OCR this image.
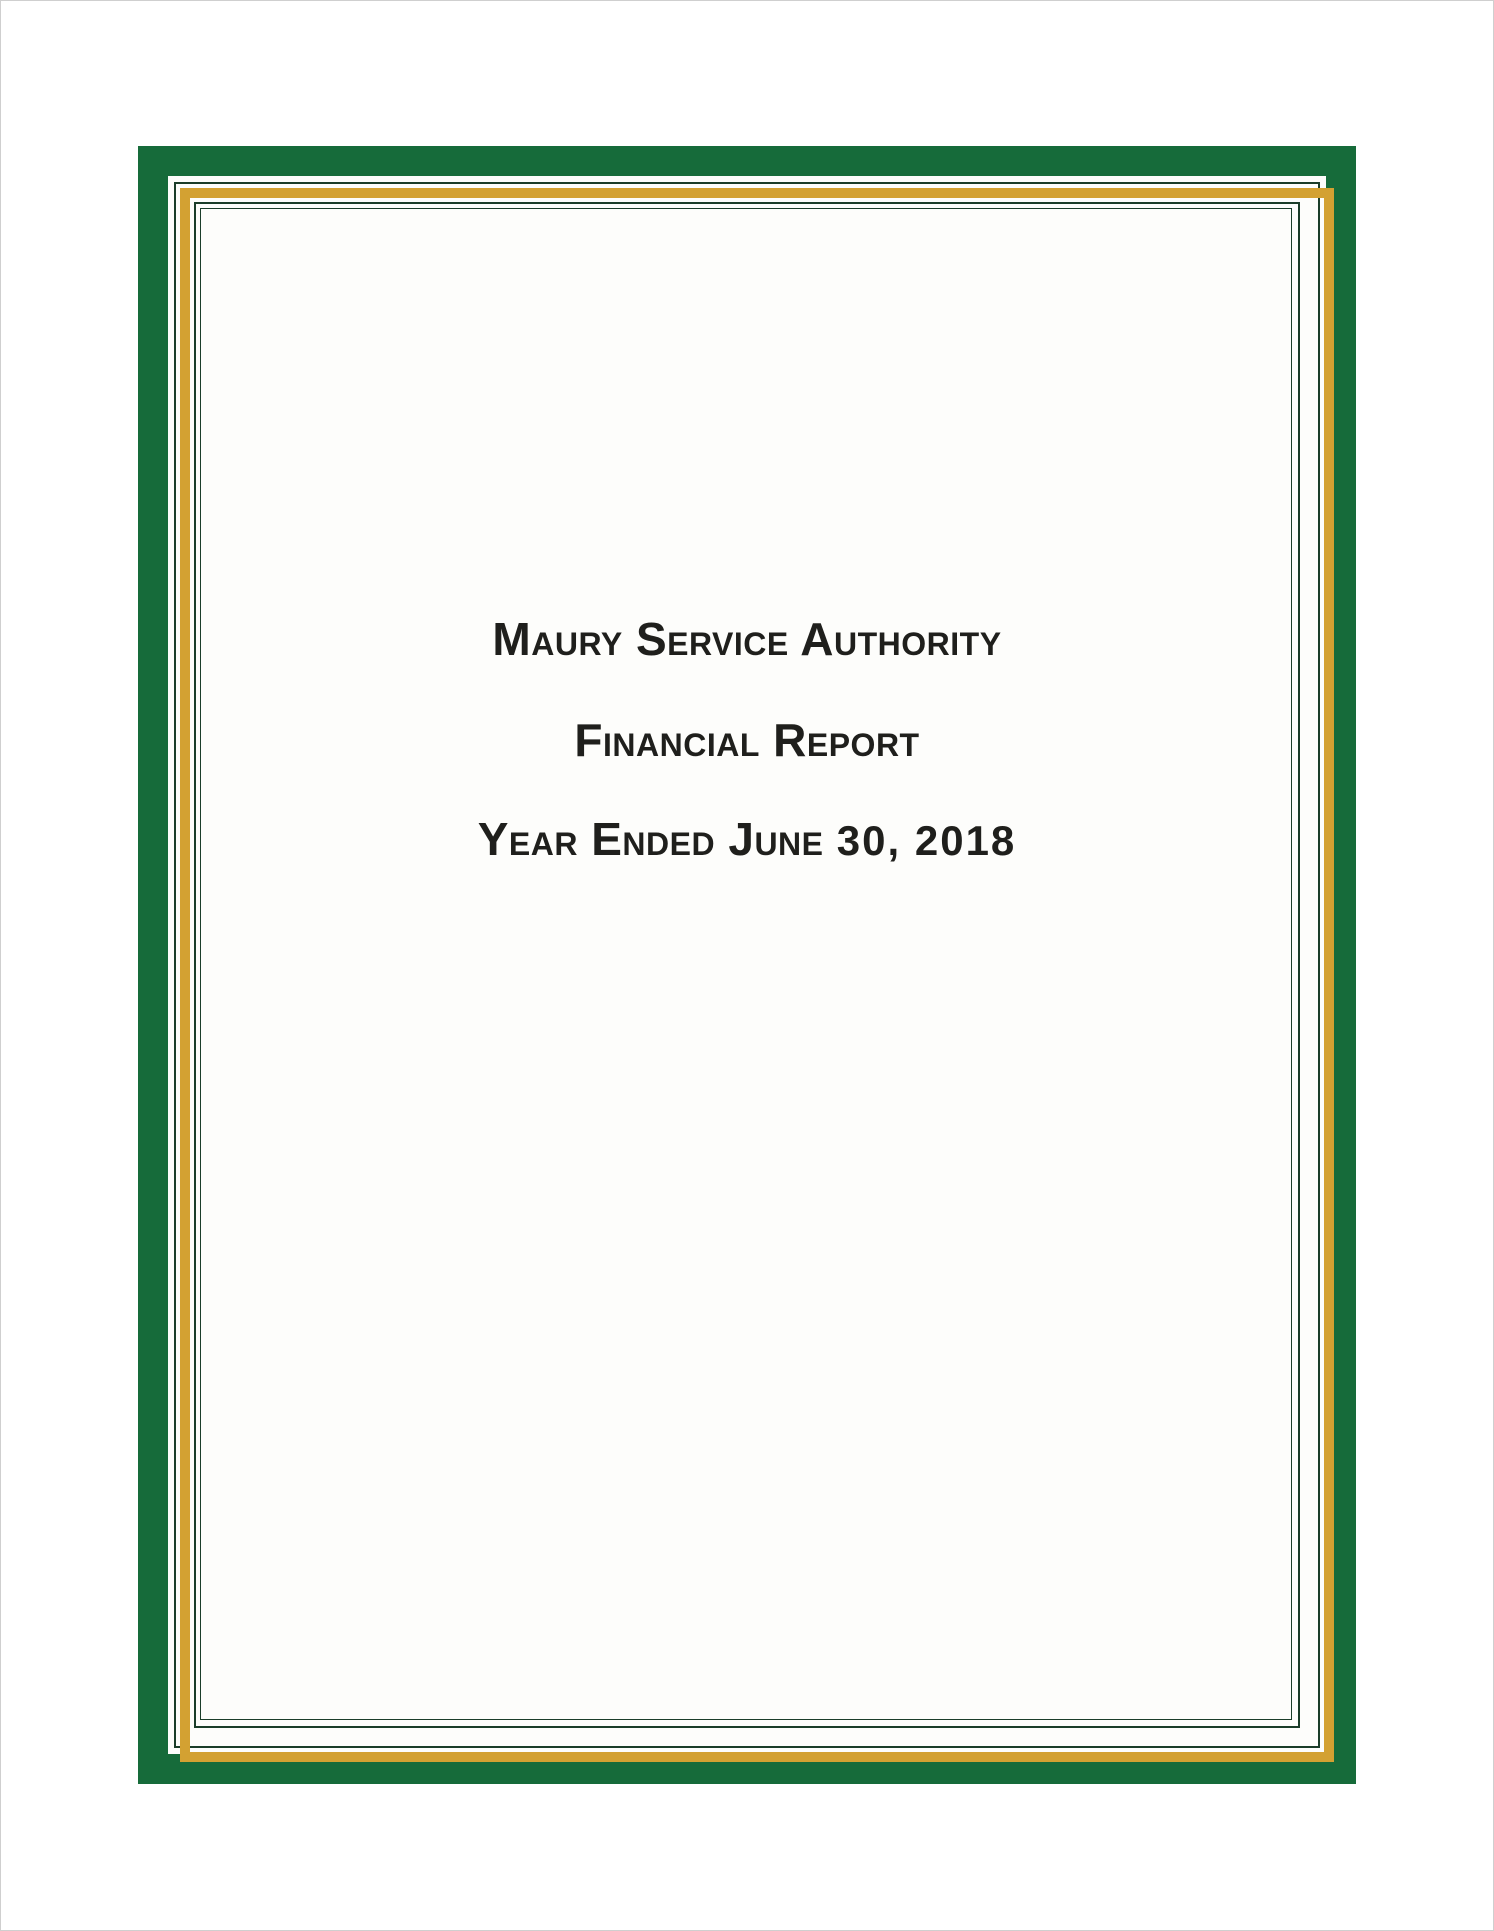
Maury Service Authority
Financial Report
Year Ended June 30, 2018
